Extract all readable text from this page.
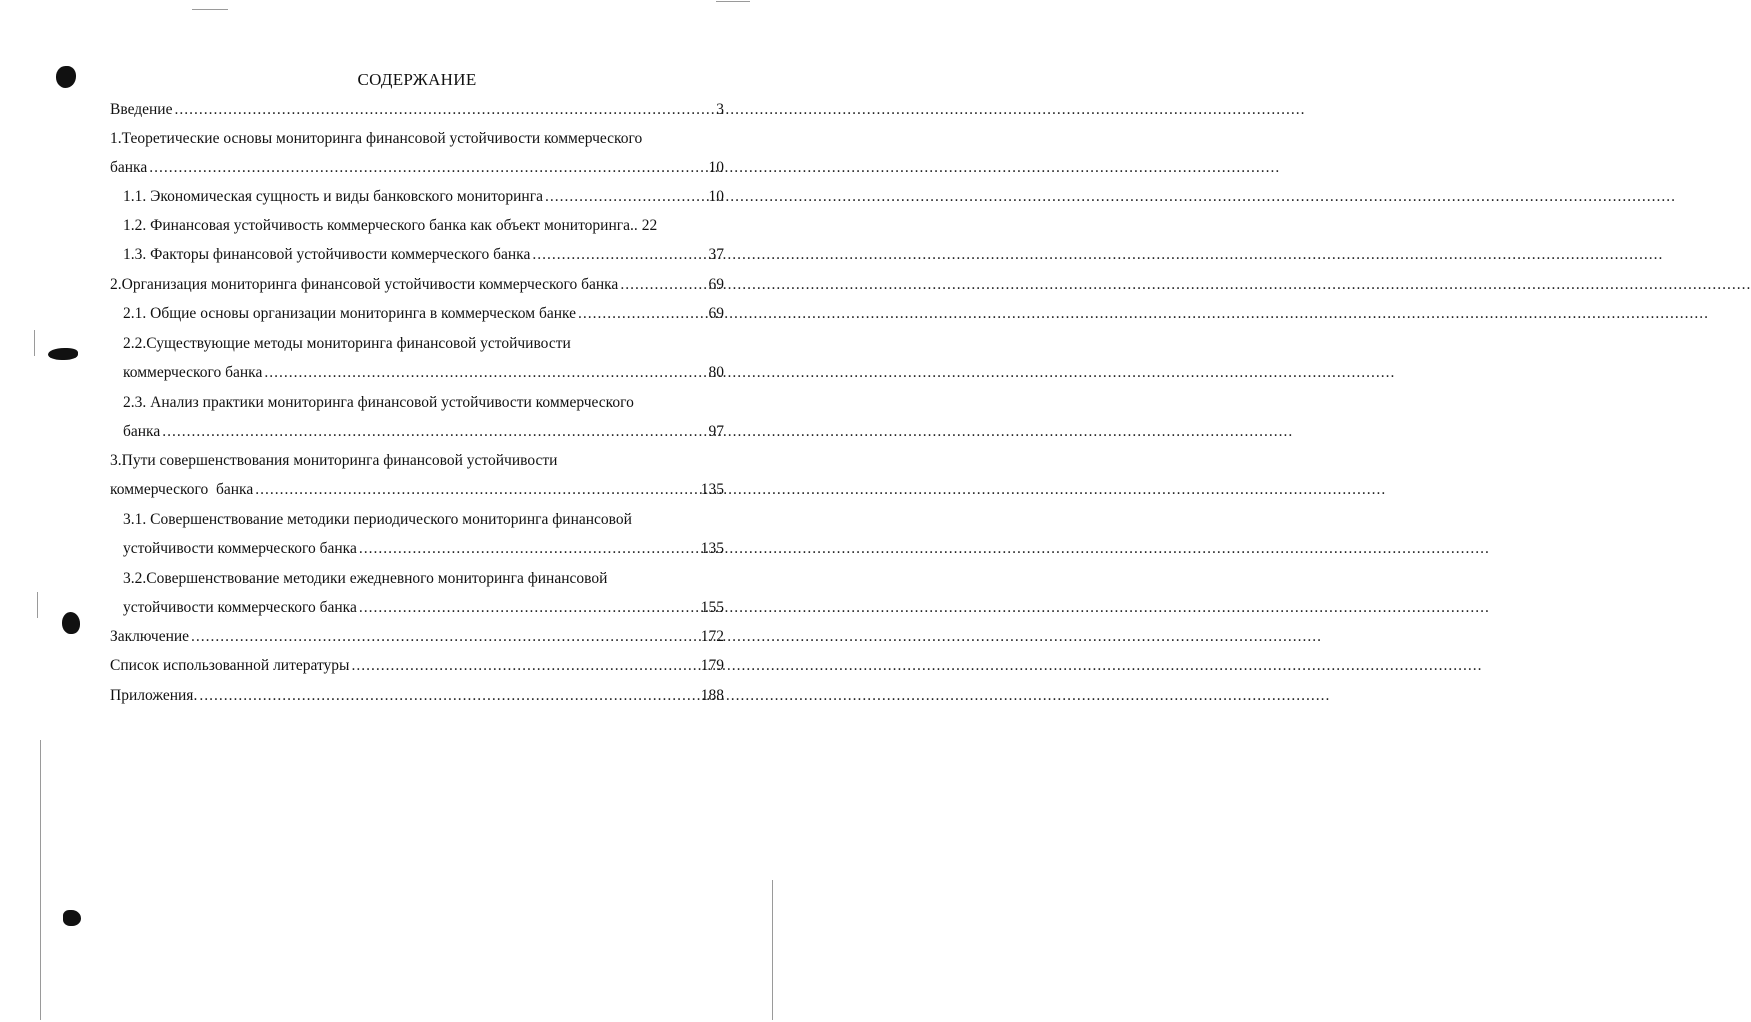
СОДЕРЖАНИЕ
Введение .....	3
1.Теоретические основы мониторинга финансовой устойчивости коммерческого
банка .....	10
1.1. Экономическая сущность и виды банковского мониторинга .....	10
1.2. Финансовая устойчивость коммерческого банка как объект мониторинга.. 22
1.3. Факторы финансовой устойчивости коммерческого банка .....	37
2.Организация мониторинга финансовой устойчивости коммерческого банка .....	69
2.1. Общие основы организации мониторинга в коммерческом банке .....	69
2.2.Существующие методы мониторинга финансовой устойчивости
коммерческого банка .....	80
2.3. Анализ практики мониторинга финансовой устойчивости коммерческого
банка .....	97
3.Пути совершенствования мониторинга финансовой устойчивости
коммерческого  банка .....	135
3.1. Совершенствование методики периодического мониторинга финансовой
устойчивости коммерческого банка .....	135
3.2.Совершенствование методики ежедневного мониторинга финансовой
устойчивости коммерческого банка .....	155
Заключение .....	172
Список использованной литературы .....	179
Приложения. .....	188
